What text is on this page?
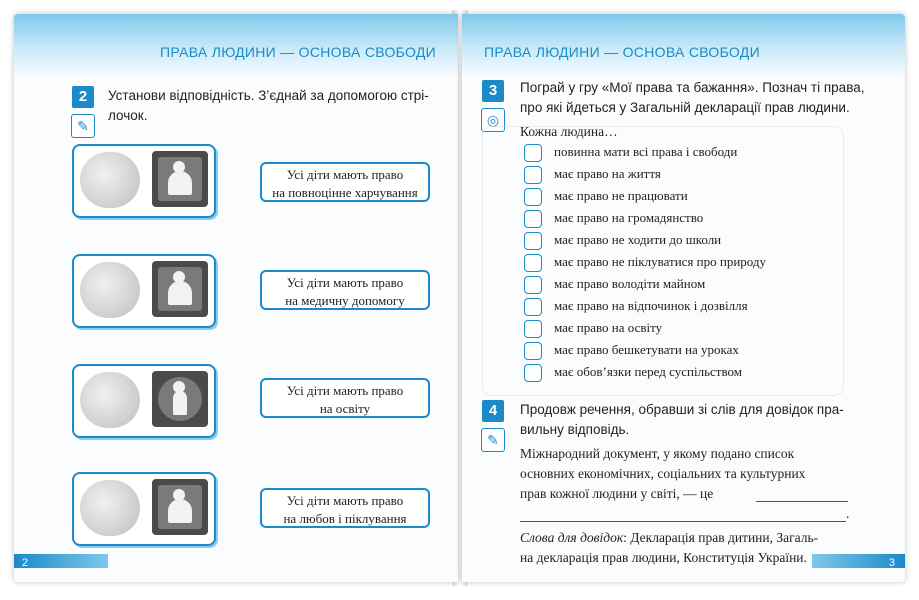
ПРАВА ЛЮДИНИ — ОСНОВА СВОБОДИ
2
✎
Установи відповідність. З’єднай за допомогою стрі-
лочок.
Усі діти мають право
на повноцінне харчування
Усі діти мають право
на медичну допомогу
Усі діти мають право
на освіту
Усі діти мають право
на любов і піклування
2
ПРАВА ЛЮДИНИ — ОСНОВА СВОБОДИ
3
◎
Пограй у гру «Мої права та бажання». Познач ті права,
про які йдеться у Загальній декларації прав людини.
Кожна людина…
повинна мати всі права і свободи
має право на життя
має право не працювати
має право на громадянство
має право не ходити до школи
має право не піклуватися про природу
має право володіти майном
має право на відпочинок і дозвілля
має право на освіту
має право бешкетувати на уроках
має обов’язки перед суспільством
4
✎
Продовж речення, обравши зі слів для довідок пра-
вильну відповідь.
Міжнародний документ, у якому подано список
основних економічних, соціальних та культурних
прав кожної людини у світі, — це
.
Слова для довідок: Декларація прав дитини, Загаль-
на декларація прав людини, Конституція України.	3
